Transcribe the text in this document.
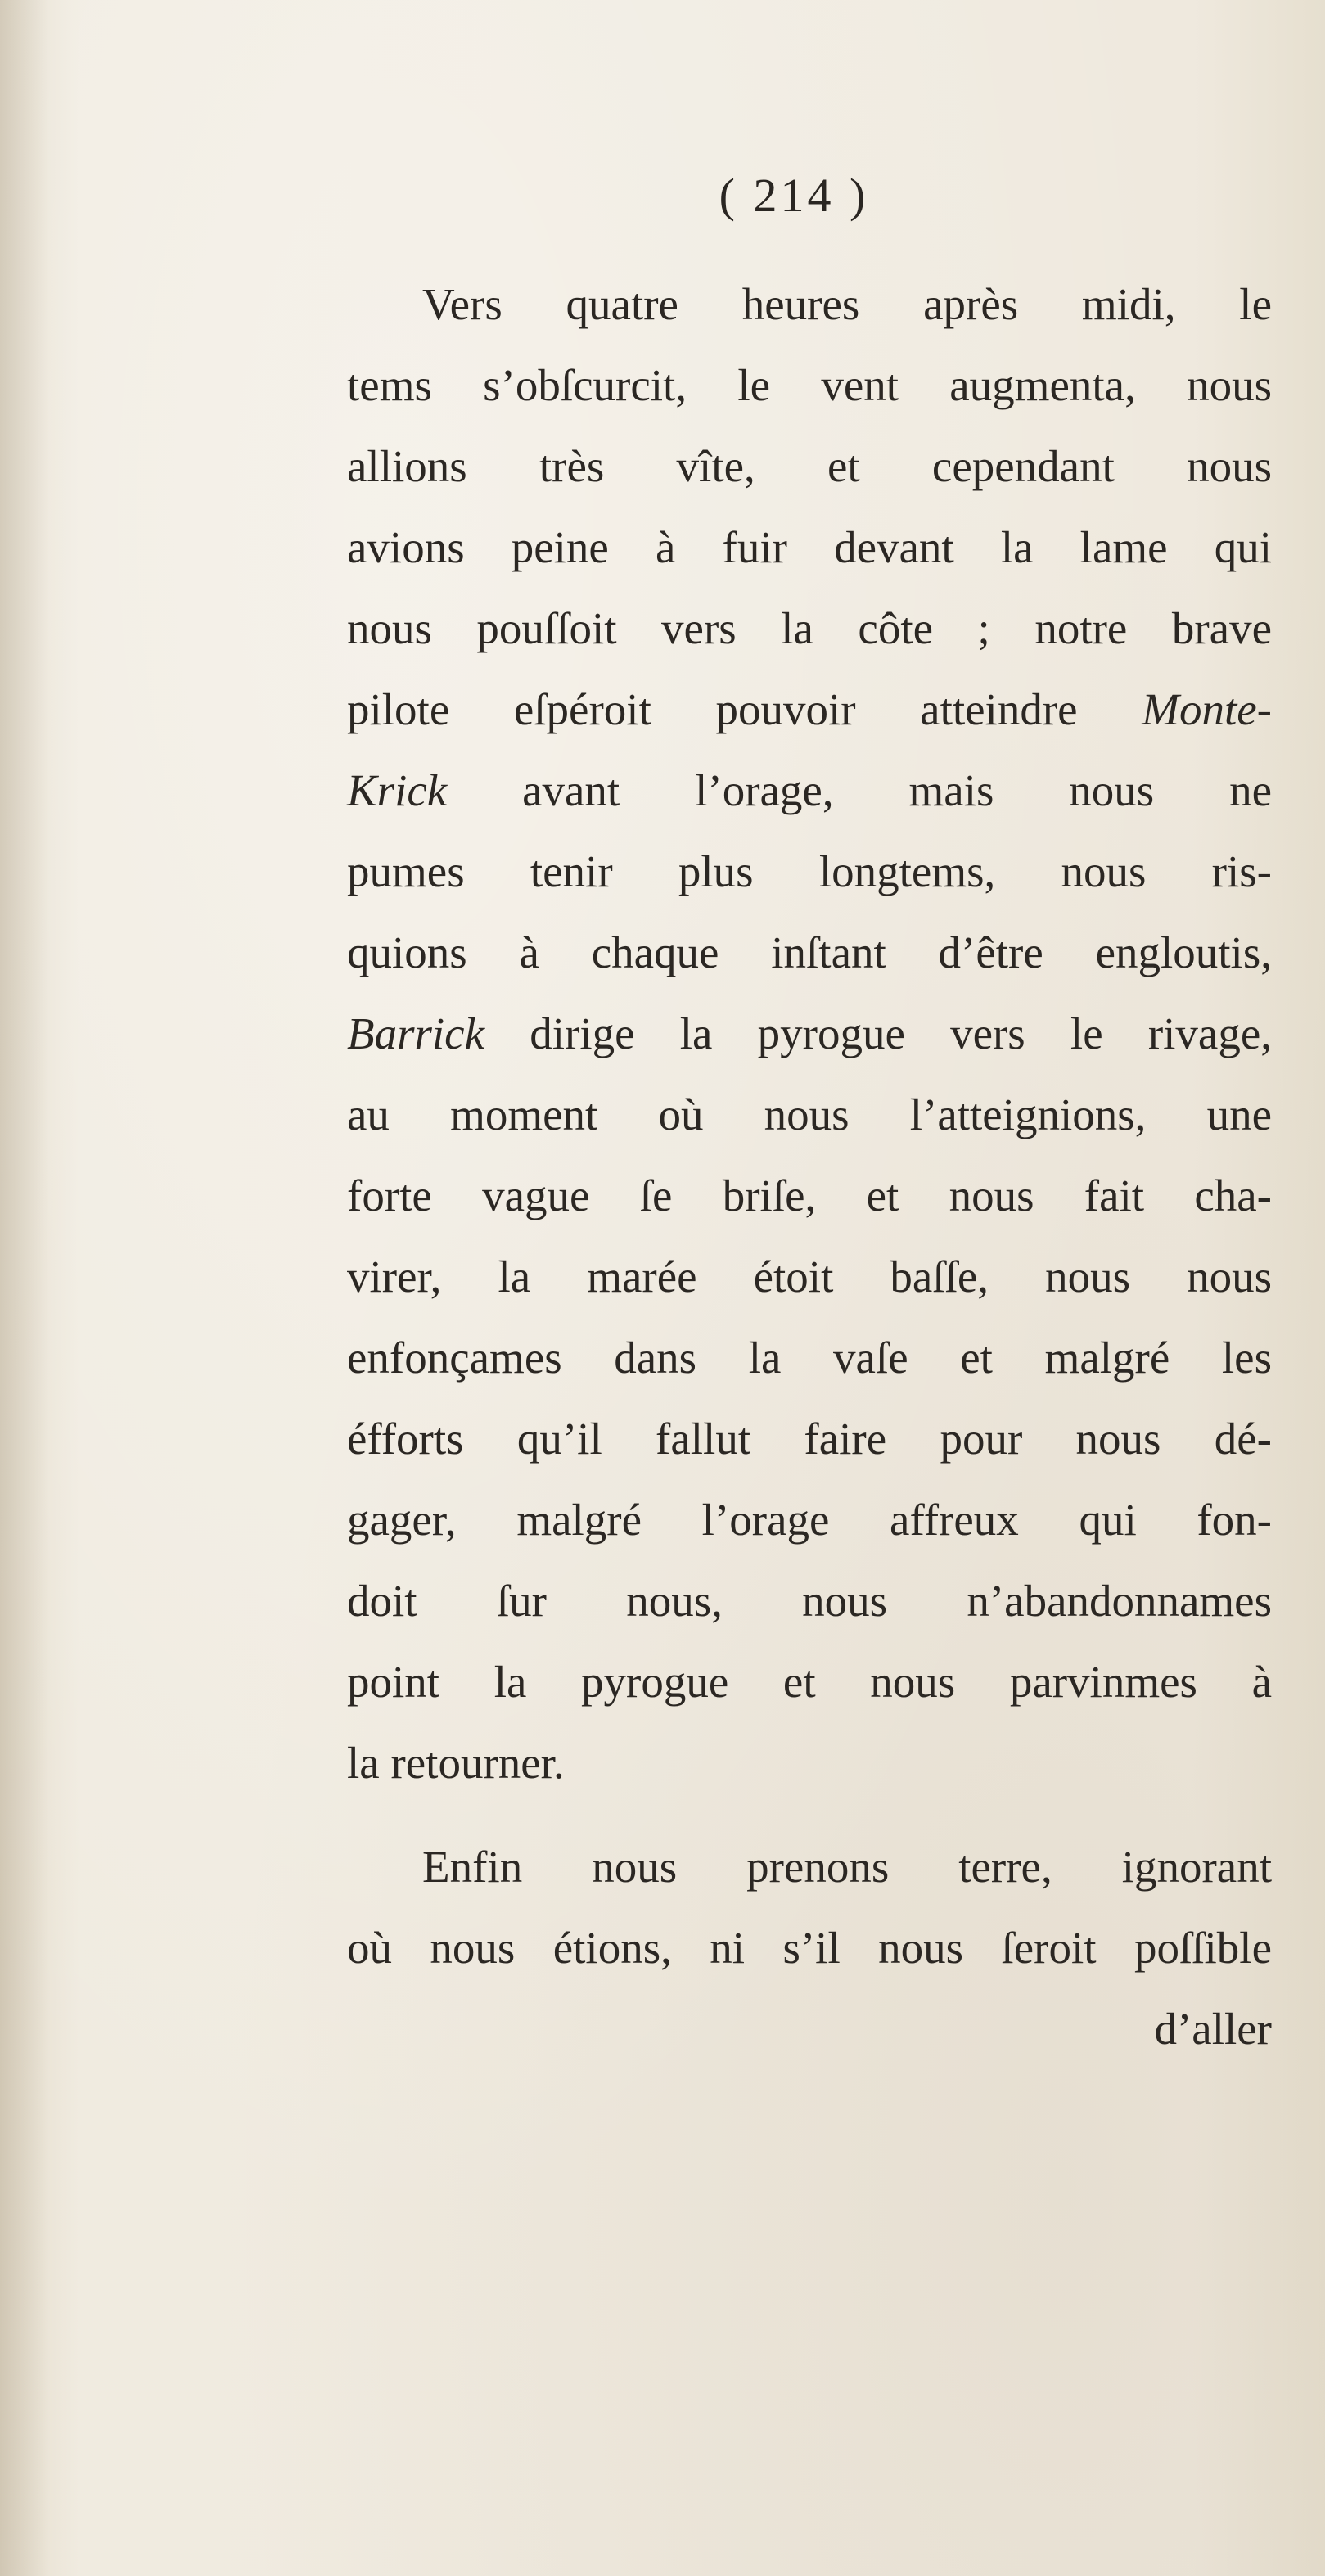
( 214 )
Vers quatre heures après midi, le
tems s’obſcurcit, le vent augmenta, nous
allions très vîte, et cependant nous
avions peine à fuir devant la lame qui
nous pouſſoit vers la côte ; notre brave
pilote eſpéroit pouvoir atteindre Monte-
Krick avant l’orage, mais nous ne
pumes tenir plus longtems, nous ris-
quions à chaque inſtant d’être engloutis,
Barrick dirige la pyrogue vers le rivage,
au moment où nous l’atteignions, une
forte vague ſe briſe, et nous fait cha-
virer, la marée étoit baſſe, nous nous
enfonçames dans la vaſe et malgré les
éfforts qu’il fallut faire pour nous dé-
gager, malgré l’orage affreux qui fon-
doit ſur nous, nous n’abandonnames
point la pyrogue et nous parvinmes à
la retourner.
Enfin nous prenons terre, ignorant
où nous étions, ni s’il nous ſeroit poſſible
d’aller
